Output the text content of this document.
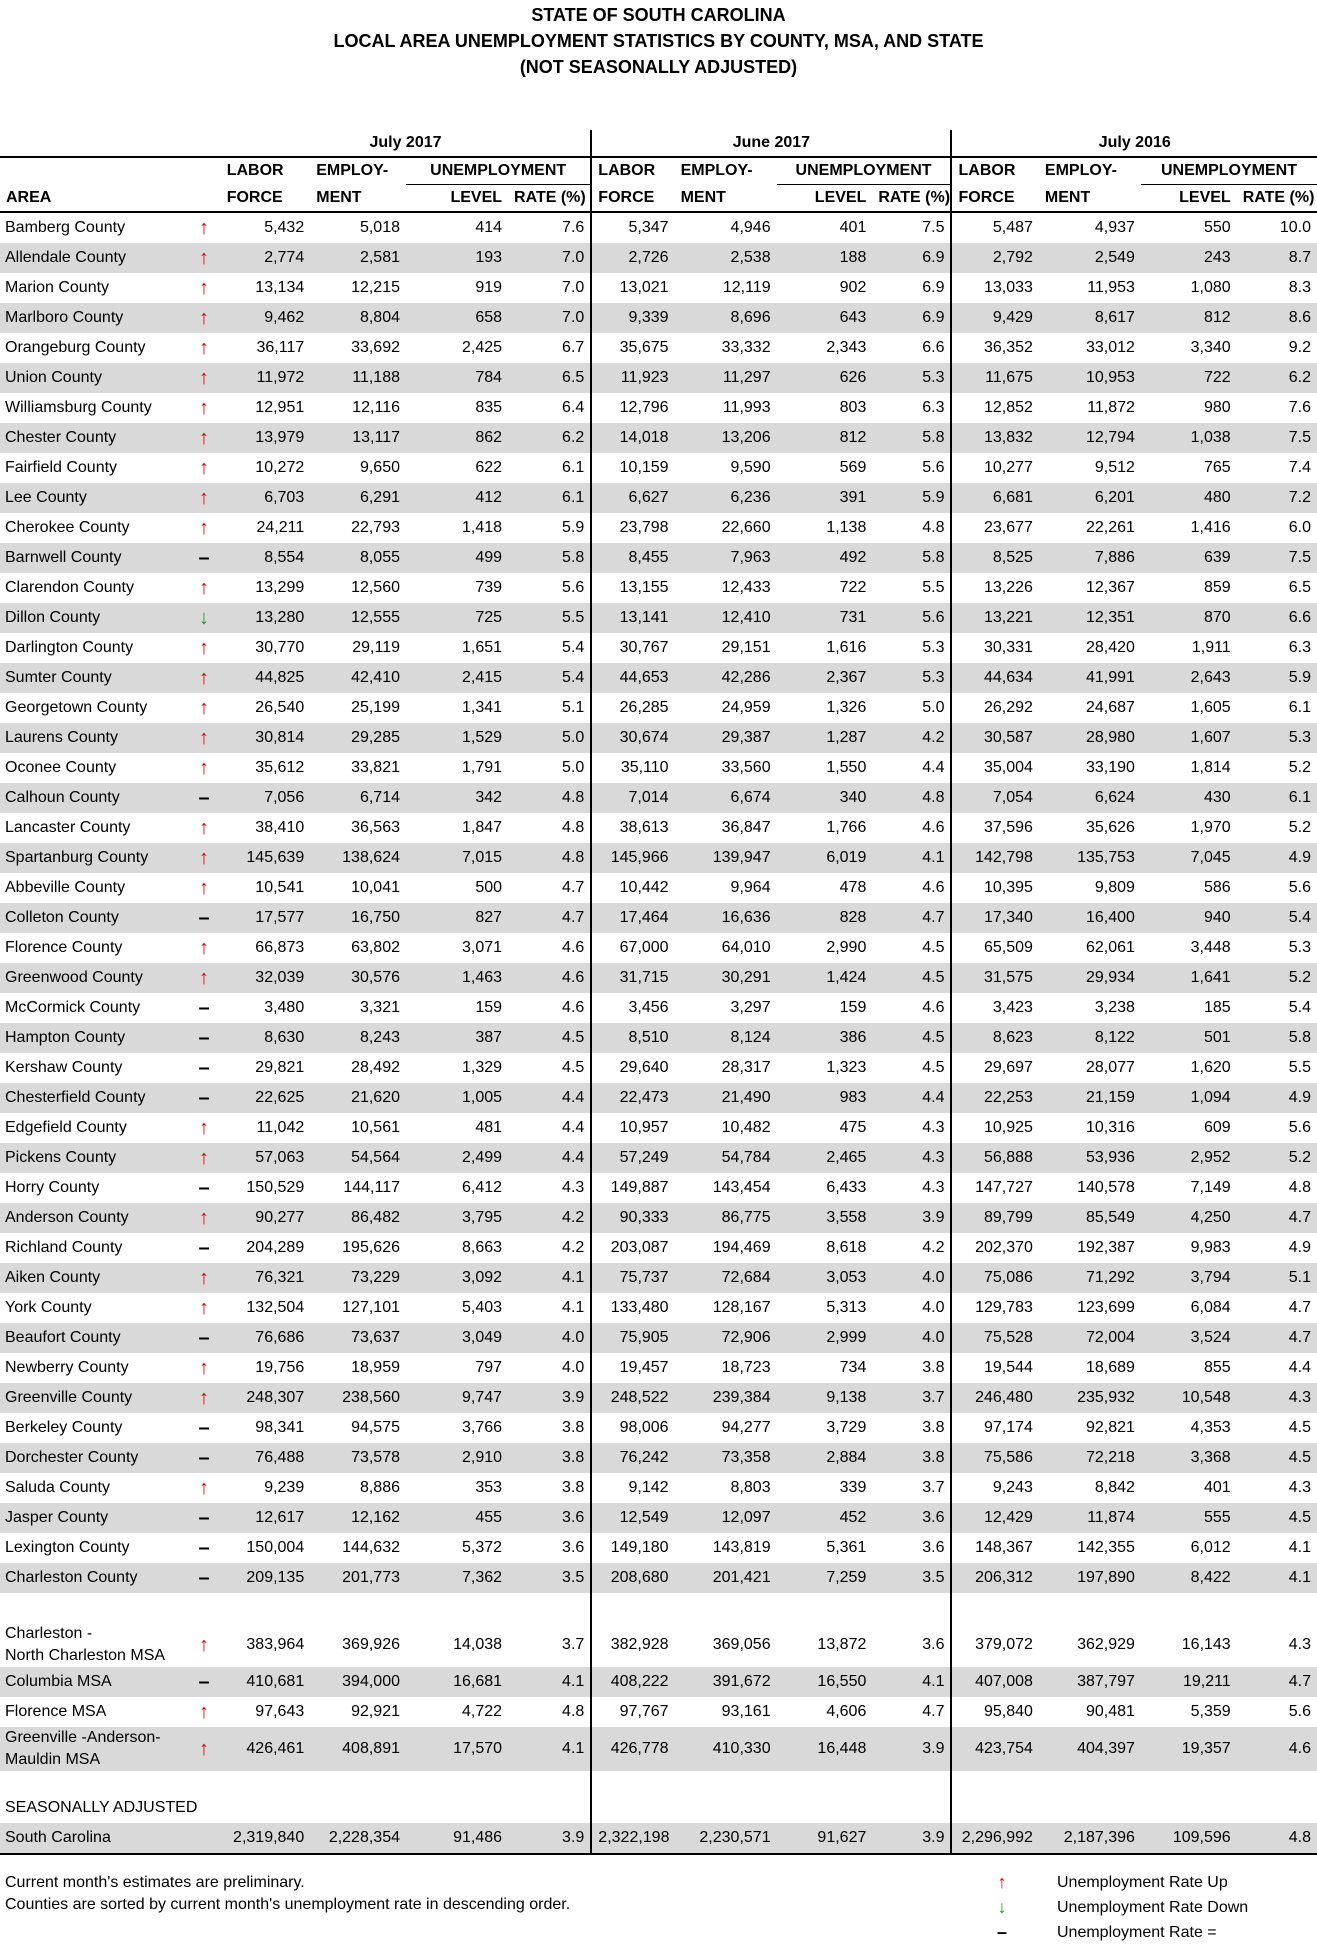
STATE OF SOUTH CAROLINA
LOCAL AREA UNEMPLOYMENT STATISTICS BY COUNTY, MSA, AND STATE
(NOT SEASONALLY ADJUSTED)
		July 2017				June 2017				July 2016			
		LABOR	EMPLOY-	UNEMPLOYMENT		LABOR	EMPLOY-	UNEMPLOYMENT		LABOR	EMPLOY-	UNEMPLOYMENT	
AREA		FORCE	MENT	LEVEL	RATE (%)	FORCE	MENT	LEVEL	RATE (%)	FORCE	MENT	LEVEL	RATE (%)
Bamberg County	↑	5,432	5,018	414	7.6	5,347	4,946	401	7.5	5,487	4,937	550	10.0
Allendale County	↑	2,774	2,581	193	7.0	2,726	2,538	188	6.9	2,792	2,549	243	8.7
Marion County	↑	13,134	12,215	919	7.0	13,021	12,119	902	6.9	13,033	11,953	1,080	8.3
Marlboro County	↑	9,462	8,804	658	7.0	9,339	8,696	643	6.9	9,429	8,617	812	8.6
Orangeburg County	↑	36,117	33,692	2,425	6.7	35,675	33,332	2,343	6.6	36,352	33,012	3,340	9.2
Union County	↑	11,972	11,188	784	6.5	11,923	11,297	626	5.3	11,675	10,953	722	6.2
Williamsburg County	↑	12,951	12,116	835	6.4	12,796	11,993	803	6.3	12,852	11,872	980	7.6
Chester County	↑	13,979	13,117	862	6.2	14,018	13,206	812	5.8	13,832	12,794	1,038	7.5
Fairfield County	↑	10,272	9,650	622	6.1	10,159	9,590	569	5.6	10,277	9,512	765	7.4
Lee County	↑	6,703	6,291	412	6.1	6,627	6,236	391	5.9	6,681	6,201	480	7.2
Cherokee County	↑	24,211	22,793	1,418	5.9	23,798	22,660	1,138	4.8	23,677	22,261	1,416	6.0
Barnwell County	–	8,554	8,055	499	5.8	8,455	7,963	492	5.8	8,525	7,886	639	7.5
Clarendon County	↑	13,299	12,560	739	5.6	13,155	12,433	722	5.5	13,226	12,367	859	6.5
Dillon County	↓	13,280	12,555	725	5.5	13,141	12,410	731	5.6	13,221	12,351	870	6.6
Darlington County	↑	30,770	29,119	1,651	5.4	30,767	29,151	1,616	5.3	30,331	28,420	1,911	6.3
Sumter County	↑	44,825	42,410	2,415	5.4	44,653	42,286	2,367	5.3	44,634	41,991	2,643	5.9
Georgetown County	↑	26,540	25,199	1,341	5.1	26,285	24,959	1,326	5.0	26,292	24,687	1,605	6.1
Laurens County	↑	30,814	29,285	1,529	5.0	30,674	29,387	1,287	4.2	30,587	28,980	1,607	5.3
Oconee County	↑	35,612	33,821	1,791	5.0	35,110	33,560	1,550	4.4	35,004	33,190	1,814	5.2
Calhoun County	–	7,056	6,714	342	4.8	7,014	6,674	340	4.8	7,054	6,624	430	6.1
Lancaster County	↑	38,410	36,563	1,847	4.8	38,613	36,847	1,766	4.6	37,596	35,626	1,970	5.2
Spartanburg County	↑	145,639	138,624	7,015	4.8	145,966	139,947	6,019	4.1	142,798	135,753	7,045	4.9
Abbeville County	↑	10,541	10,041	500	4.7	10,442	9,964	478	4.6	10,395	9,809	586	5.6
Colleton County	–	17,577	16,750	827	4.7	17,464	16,636	828	4.7	17,340	16,400	940	5.4
Florence County	↑	66,873	63,802	3,071	4.6	67,000	64,010	2,990	4.5	65,509	62,061	3,448	5.3
Greenwood County	↑	32,039	30,576	1,463	4.6	31,715	30,291	1,424	4.5	31,575	29,934	1,641	5.2
McCormick County	–	3,480	3,321	159	4.6	3,456	3,297	159	4.6	3,423	3,238	185	5.4
Hampton County	–	8,630	8,243	387	4.5	8,510	8,124	386	4.5	8,623	8,122	501	5.8
Kershaw County	–	29,821	28,492	1,329	4.5	29,640	28,317	1,323	4.5	29,697	28,077	1,620	5.5
Chesterfield County	–	22,625	21,620	1,005	4.4	22,473	21,490	983	4.4	22,253	21,159	1,094	4.9
Edgefield County	↑	11,042	10,561	481	4.4	10,957	10,482	475	4.3	10,925	10,316	609	5.6
Pickens County	↑	57,063	54,564	2,499	4.4	57,249	54,784	2,465	4.3	56,888	53,936	2,952	5.2
Horry County	–	150,529	144,117	6,412	4.3	149,887	143,454	6,433	4.3	147,727	140,578	7,149	4.8
Anderson County	↑	90,277	86,482	3,795	4.2	90,333	86,775	3,558	3.9	89,799	85,549	4,250	4.7
Richland County	–	204,289	195,626	8,663	4.2	203,087	194,469	8,618	4.2	202,370	192,387	9,983	4.9
Aiken County	↑	76,321	73,229	3,092	4.1	75,737	72,684	3,053	4.0	75,086	71,292	3,794	5.1
York County	↑	132,504	127,101	5,403	4.1	133,480	128,167	5,313	4.0	129,783	123,699	6,084	4.7
Beaufort County	–	76,686	73,637	3,049	4.0	75,905	72,906	2,999	4.0	75,528	72,004	3,524	4.7
Newberry County	↑	19,756	18,959	797	4.0	19,457	18,723	734	3.8	19,544	18,689	855	4.4
Greenville County	↑	248,307	238,560	9,747	3.9	248,522	239,384	9,138	3.7	246,480	235,932	10,548	4.3
Berkeley County	–	98,341	94,575	3,766	3.8	98,006	94,277	3,729	3.8	97,174	92,821	4,353	4.5
Dorchester County	–	76,488	73,578	2,910	3.8	76,242	73,358	2,884	3.8	75,586	72,218	3,368	4.5
Saluda County	↑	9,239	8,886	353	3.8	9,142	8,803	339	3.7	9,243	8,842	401	4.3
Jasper County	–	12,617	12,162	455	3.6	12,549	12,097	452	3.6	12,429	11,874	555	4.5
Lexington County	–	150,004	144,632	5,372	3.6	149,180	143,819	5,361	3.6	148,367	142,355	6,012	4.1
Charleston County	–	209,135	201,773	7,362	3.5	208,680	201,421	7,259	3.5	206,312	197,890	8,422	4.1

Charleston -
North Charleston MSA	↑	383,964	369,926	14,038	3.7	382,928	369,056	13,872	3.6	379,072	362,929	16,143	4.3

Columbia MSA	–	410,681	394,000	16,681	4.1	408,222	391,672	16,550	4.1	407,008	387,797	19,211	4.7

Florence MSA	↑	97,643	92,921	4,722	4.8	97,767	93,161	4,606	4.7	95,840	90,481	5,359	5.6

Greenville -Anderson-
Mauldin MSA	↑	426,461	408,891	17,570	4.1	426,778	410,330	16,448	3.9	423,754	404,397	19,357	4.6

SEASONALLY ADJUSTED													
South Carolina		2,319,840	2,228,354	91,486	3.9	2,322,198	2,230,571	91,627	3.9	2,296,992	2,187,396	109,596	4.8
Current month's estimates are preliminary.
Counties are sorted by current month's unemployment rate in descending order.
↑	Unemployment Rate Up
↓	Unemployment Rate Down
–	Unemployment Rate =
